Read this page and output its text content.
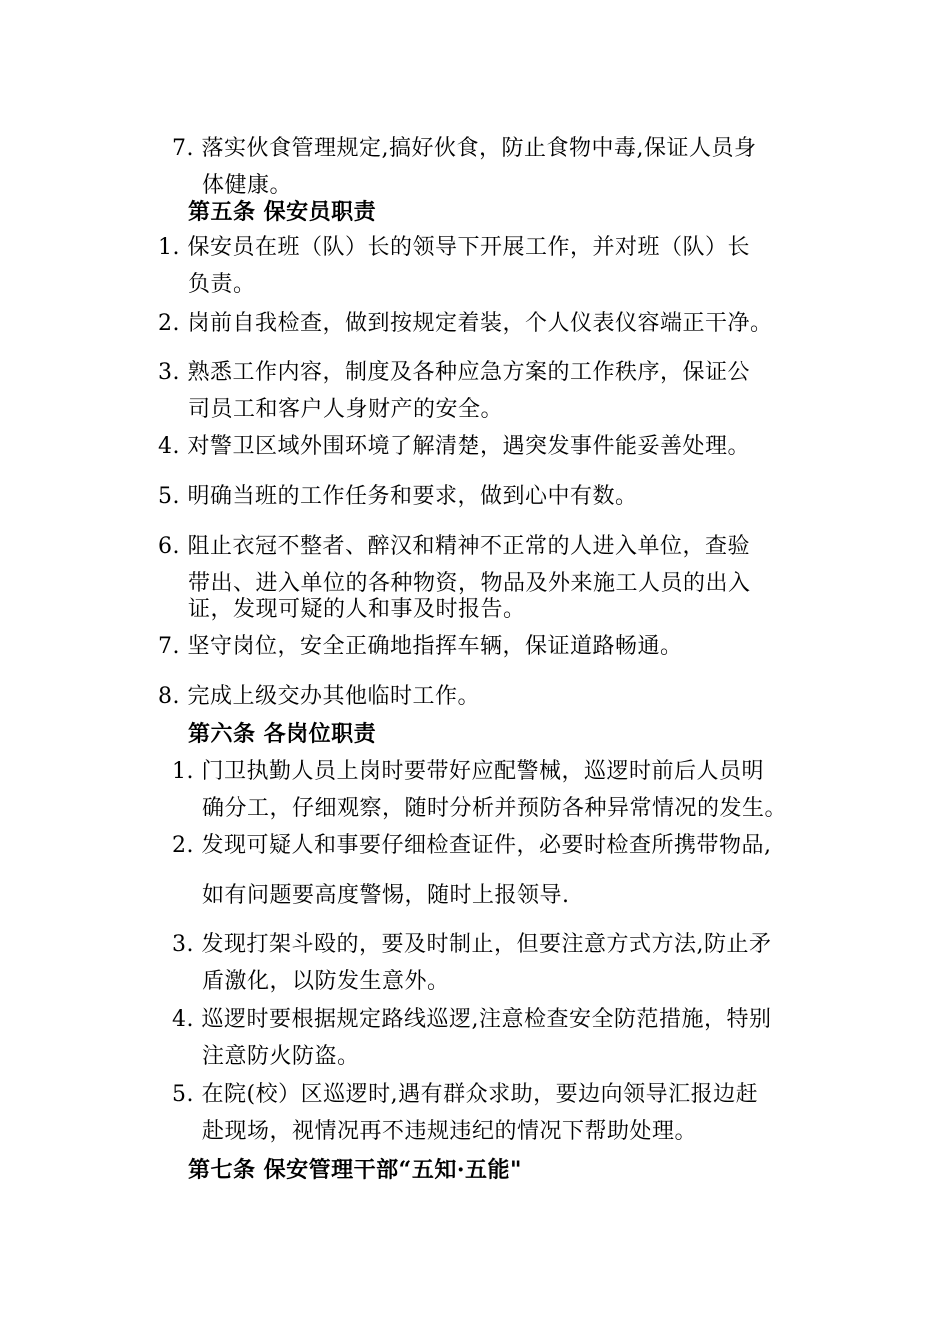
7. 落实伙食管理规定,搞好伙食，防止食物中毒,保证人员身
体健康。
第五条 保安员职责
1. 保安员在班（队）长的领导下开展工作，并对班（队）长
负责。
2. 岗前自我检查，做到按规定着装，个人仪表仪容端正干净。
3. 熟悉工作内容，制度及各种应急方案的工作秩序，保证公
司员工和客户人身财产的安全。
4. 对警卫区域外围环境了解清楚，遇突发事件能妥善处理。
5. 明确当班的工作任务和要求，做到心中有数。
6. 阻止衣冠不整者、醉汉和精神不正常的人进入单位，查验
带出、进入单位的各种物资，物品及外来施工人员的出入
证，发现可疑的人和事及时报告。
7. 坚守岗位，安全正确地指挥车辆，保证道路畅通。
8. 完成上级交办其他临时工作。
第六条 各岗位职责
1. 门卫执勤人员上岗时要带好应配警械，巡逻时前后人员明
确分工，仔细观察，随时分析并预防各种异常情况的发生。
2. 发现可疑人和事要仔细检查证件，必要时检查所携带物品,
如有问题要高度警惕，随时上报领导.
3. 发现打架斗殴的，要及时制止，但要注意方式方法,防止矛
盾激化，以防发生意外。
4. 巡逻时要根据规定路线巡逻,注意检查安全防范措施，特别
注意防火防盗。
5. 在院(校）区巡逻时,遇有群众求助，要边向领导汇报边赶
赴现场，视情况再不违规违纪的情况下帮助处理。
第七条 保安管理干部“五知·五能"
